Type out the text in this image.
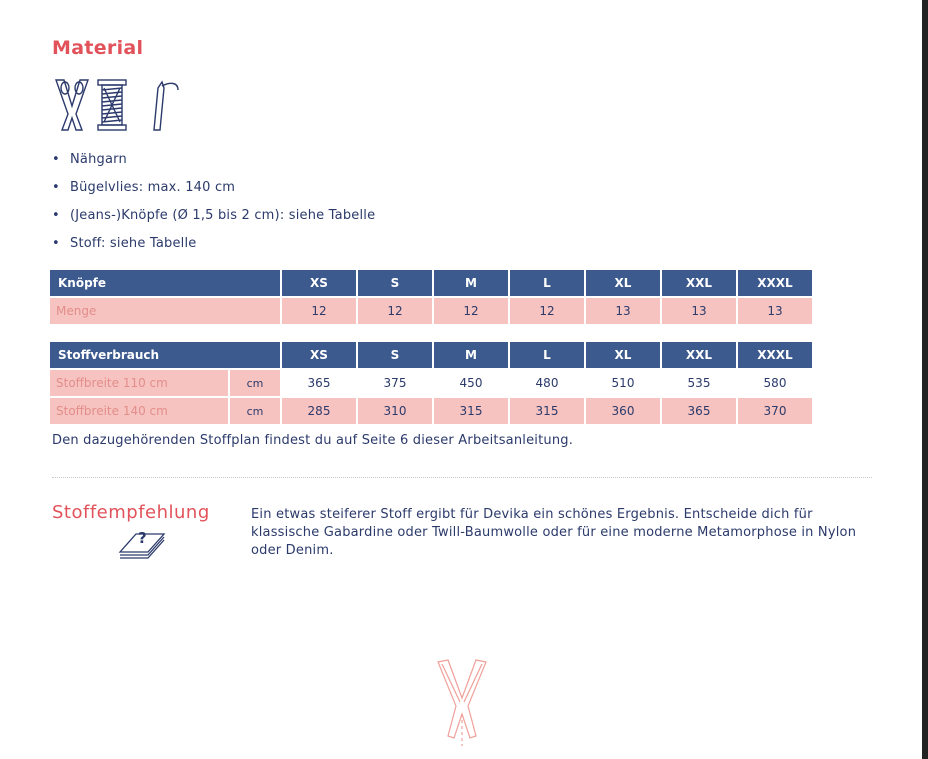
Material
• Nähgarn
• Bügelvlies: max. 140 cm
• (Jeans-)Knöpfe (Ø 1,5 bis 2 cm): siehe Tabelle
• Stoff: siehe Tabelle
Knöpfe	XS	S	M	L	XL	XXL	XXXL
Menge	12	12	12	12	13	13	13
Stoffverbrauch		XS	S	M	L	XL	XXL	XXXL
Stoffbreite 110 cm	cm	365	375	450	480	510	535	580
Stoffbreite 140 cm	cm	285	310	315	315	360	365	370
Den dazugehörenden Stoffplan findest du auf Seite 6 dieser Arbeitsanleitung.
Stoffempfehlung
?
Ein etwas steiferer Stoff ergibt für Devika ein schönes Ergebnis. Entscheide dich für klassische Gabardine oder Twill-Baumwolle oder für eine moderne Metamorphose in Nylon oder Denim.
